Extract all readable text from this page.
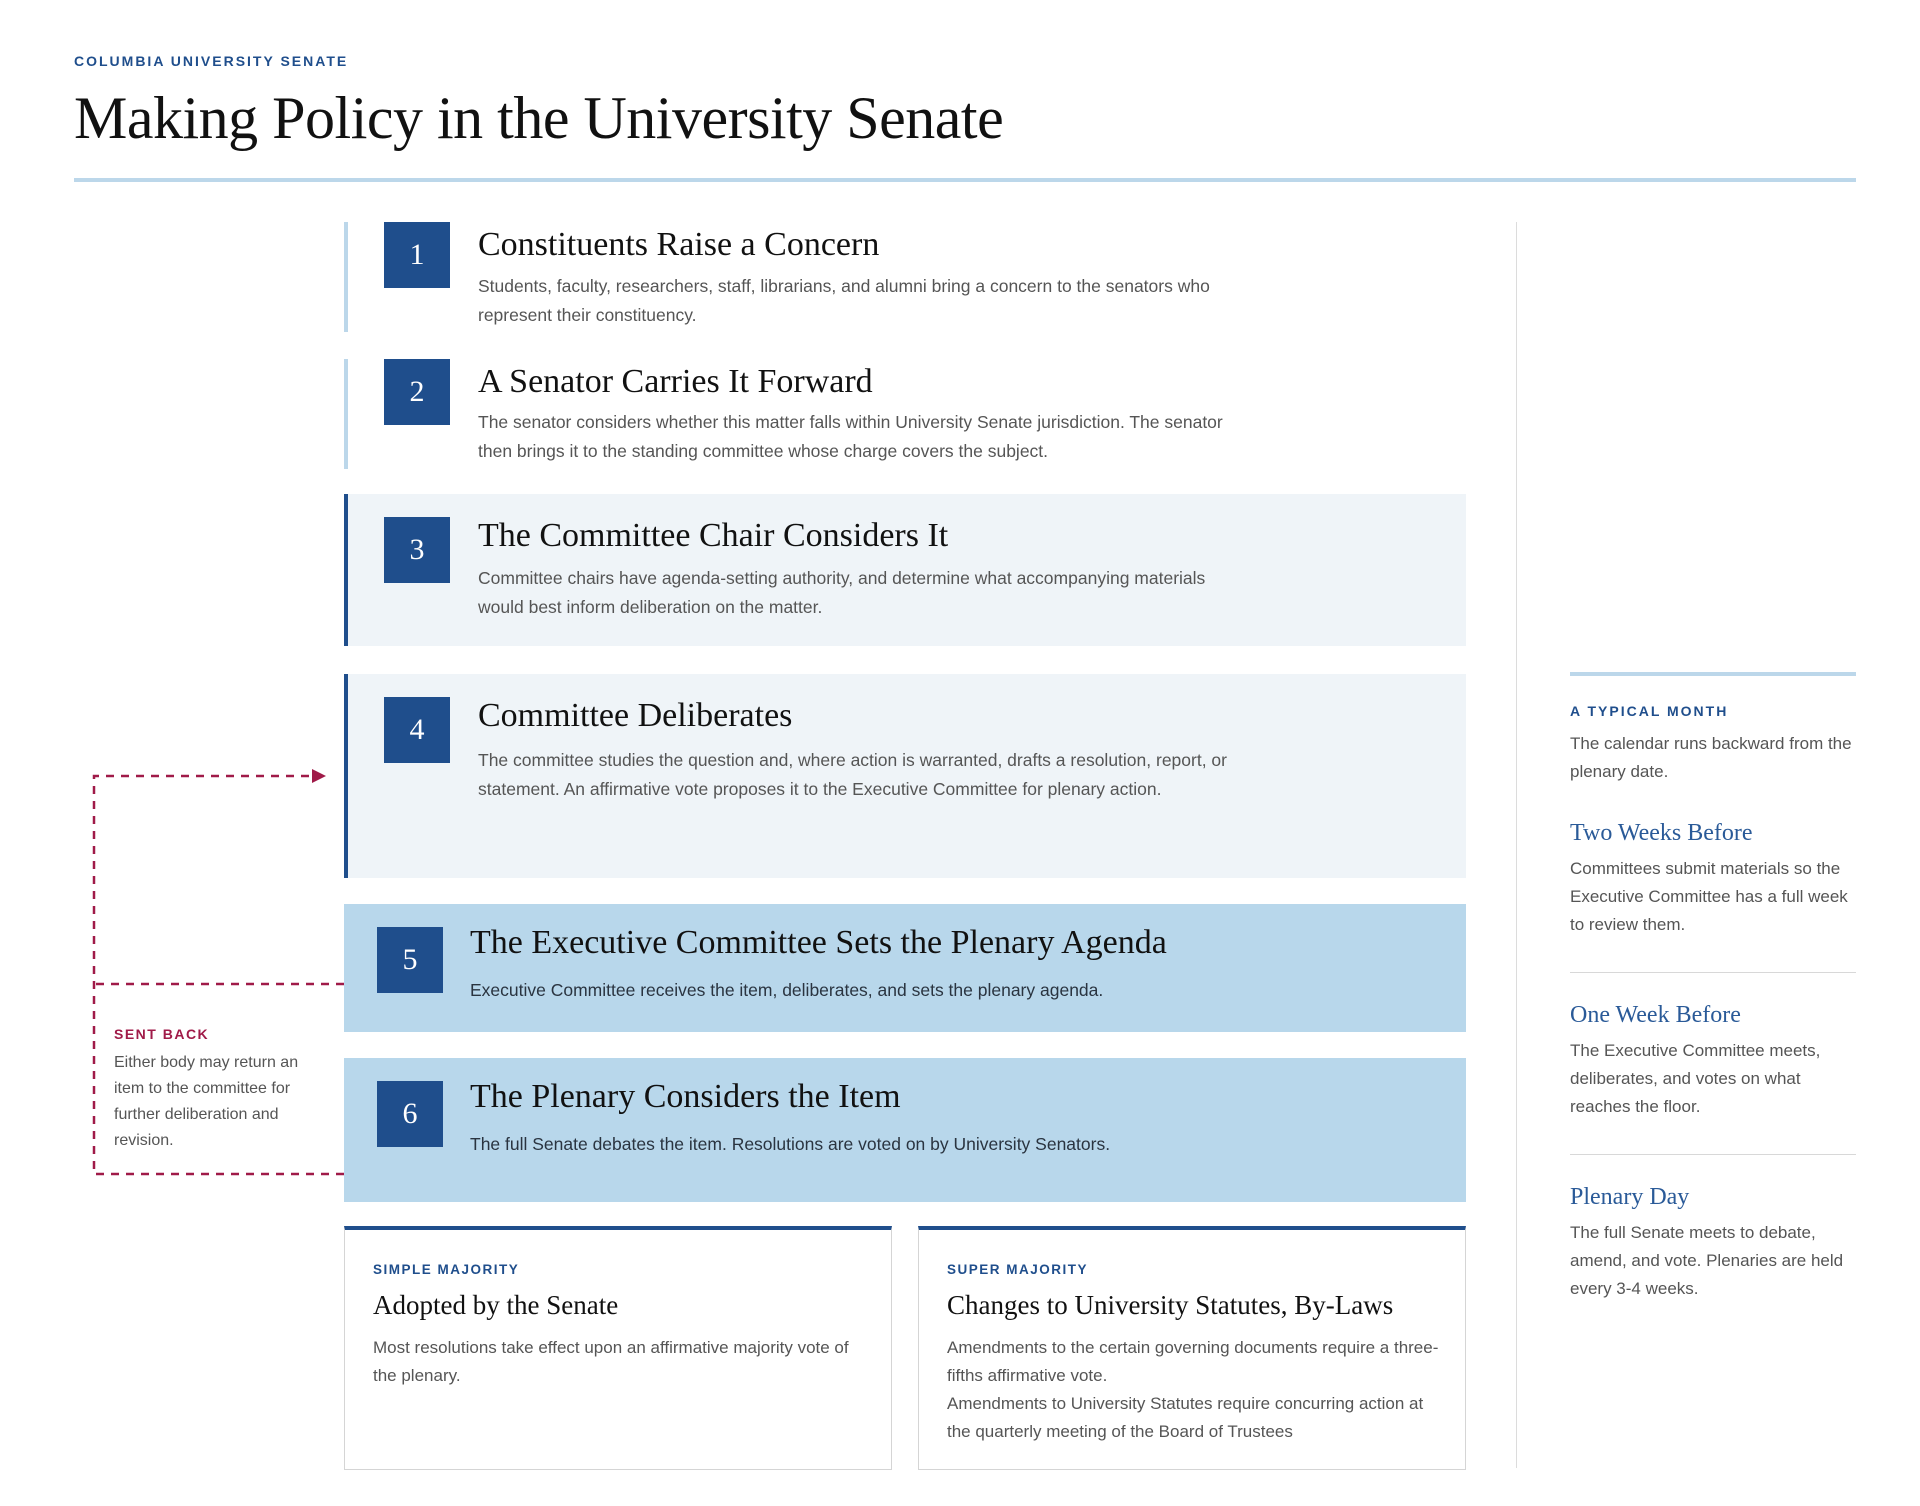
COLUMBIA UNIVERSITY SENATE
Making Policy in the University Senate
1	Constituents Raise a Concern
Students, faculty, researchers, staff, librarians, and alumni bring a concern to the senators who represent their constituency.
2	A Senator Carries It Forward
The senator considers whether this matter falls within University Senate jurisdiction. The senator then brings it to the standing committee whose charge covers the subject.
3	The Committee Chair Considers It
Committee chairs have agenda-setting authority, and determine what accompanying materials would best inform deliberation on the matter.
4	Committee Deliberates
The committee studies the question and, where action is warranted, drafts a resolution, report, or statement. An affirmative vote proposes it to the Executive Committee for plenary action.
5	The Executive Committee Sets the Plenary Agenda
Executive Committee receives the item, deliberates, and sets the plenary agenda.
6	The Plenary Considers the Item
The full Senate debates the item. Resolutions are voted on by University Senators.
SENT BACK
Either body may return an item to the committee for further deliberation and revision.
SIMPLE MAJORITY
Adopted by the Senate
Most resolutions take effect upon an affirmative majority vote of the plenary.
SUPER MAJORITY
Changes to University Statutes, By-Laws
Amendments to the certain governing documents require a three-fifths affirmative vote.
Amendments to University Statutes require concurring action at the quarterly meeting of the Board of Trustees
A TYPICAL MONTH
The calendar runs backward from the plenary date.
Two Weeks Before
Committees submit materials so the Executive Committee has a full week to review them.
One Week Before
The Executive Committee meets, deliberates, and votes on what reaches the floor.
Plenary Day
The full Senate meets to debate, amend, and vote. Plenaries are held every 3-4 weeks.
